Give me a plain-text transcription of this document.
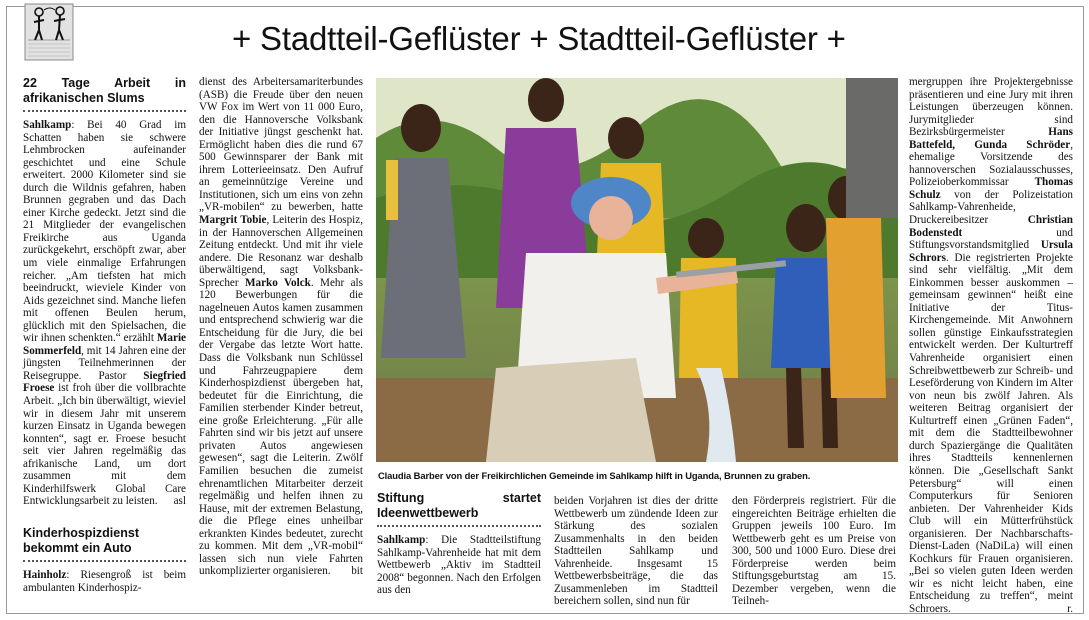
+ Stadtteil-Geflüster + Stadtteil-Geflüster +
22 Tage Arbeit in afrikanischen Slums

Sahlkamp: Bei 40 Grad im Schatten haben sie schwere Lehmbrocken aufeinander geschichtet und eine Schule erweitert. 2000 Kilometer sind sie durch die Wildnis gefahren, haben Brunnen gegraben und das Dach einer Kirche gedeckt. Jetzt sind die 21 Mitglieder der evangelischen Freikirche aus Uganda zurückgekehrt, erschöpft zwar, aber um viele einmalige Erfahrungen reicher. „Am tiefsten hat mich beeindruckt, wieviele Kinder von Aids gezeichnet sind. Manche liefen mit offenen Beulen herum, glücklich mit den Spielsachen, die wir ihnen schenkten.“ erzählt Marie Sommerfeld, mit 14 Jahren eine der jüngsten Teilnehmerinnen der Reisegruppe. Pastor Siegfried Froese ist froh über die vollbrachte Arbeit. „Ich bin überwältigt, wieviel wir in diesem Jahr mit unserem kurzen Einsatz in Uganda bewegen konnten“, sagt er. Froese besucht seit vier Jahren regelmäßig das afrikanische Land, um dort zusammen mit dem Kinderhilfswerk Global Care Entwicklungsarbeit zu leisten.	asl

Kinderhospizdienst bekommt ein Auto

Hainholz: Riesengroß ist beim ambulanten Kinderhospiz-

dienst des Arbeitersamariterbundes (ASB) die Freude über den neuen VW Fox im Wert von 11 000 Euro, den die Hannoversche Volksbank der Initiative jüngst geschenkt hat. Ermöglicht haben dies die rund 67 500 Gewinnsparer der Bank mit ihrem Lotterieeinsatz. Den Aufruf an gemeinnützige Vereine und Institutionen, sich um eins von zehn „VR-mobilen“ zu bewerben, hatte Margrit Tobie, Leiterin des Hospiz, in der Hannoverschen Allgemeinen Zeitung entdeckt. Und mit ihr viele andere. Die Resonanz war deshalb überwältigend, sagt Volksbank-Sprecher Marko Volck. Mehr als 120 Bewerbungen für die nagelneuen Autos kamen zusammen und entsprechend schwierig war die Entscheidung für die Jury, die bei der Vergabe das letzte Wort hatte. Dass die Volksbank nun Schlüssel und Fahrzeugpapiere dem Kinderhospizdienst übergeben hat, bedeutet für die Einrichtung, die Familien sterbender Kinder betreut, eine große Erleichterung. „Für alle Fahrten sind wir bis jetzt auf unsere privaten Autos angewiesen gewesen“, sagt die Leiterin. Zwölf Familien besuchen die zumeist ehrenamtlichen Mitarbeiter derzeit regelmäßig und helfen ihnen zu Hause, mit der extremen Belastung, die die Pflege eines unheilbar erkrankten Kindes bedeutet, zurecht zu kommen. Mit dem „VR-mobil“ lassen sich nun viele Fahrten unkomplizierter organisieren.	bit

Claudia Barber von der Freikirchlichen Gemeinde im Sahlkamp hilft in Uganda, Brunnen zu graben.
Stiftung startet Ideenwettbewerb

Sahlkamp: Die Stadtteilstiftung Sahlkamp-Vahrenheide hat mit dem Wettbewerb „Aktiv im Stadtteil 2008“ begonnen. Nach den Erfolgen aus den

beiden Vorjahren ist dies der dritte Wettbewerb um zündende Ideen zur Stärkung des sozialen Zusammenhalts in den beiden Stadtteilen Sahlkamp und Vahrenheide. Insgesamt 15 Wettbewerbsbeiträge, die das Zusammenleben im Stadtteil bereichern sollen, sind nun für

den Förderpreis registriert. Für die eingereichten Beiträge erhielten die Gruppen jeweils 100 Euro. Im Wettbewerb geht es um Preise von 300, 500 und 1000 Euro. Diese drei Förderpreise werden beim Stiftungsgeburtstag am 15. Dezember vergeben, wenn die Teilneh-

mergruppen ihre Projektergebnisse präsentieren und eine Jury mit ihren Leistungen überzeugen können. Jurymitglieder sind Bezirksbürgermeister	Hans Battefeld, Gunda Schröder, ehemalige Vorsitzende des hannoverschen Sozialausschusses, Polizeioberkommissar Thomas Schulz von der Polizeistation Sahlkamp-Vahrenheide, Druckereibesitzer	Christian Bodenstedt und Stiftungsvorstandsmitglied Ursula Schrors. Die registrierten Projekte sind sehr vielfältig. „Mit dem Einkommen besser auskommen – gemeinsam gewinnen“ heißt eine Initiative der Titus-Kirchengemeinde. Mit Anwohnern sollen günstige Einkaufsstrategien entwickelt werden. Der Kulturtreff Vahrenheide organisiert einen Schreibwettbewerb zur Schreib- und Leseförderung von Kindern im Alter von neun bis zwölf Jahren. Als weiteren Beitrag organisiert der Kulturtreff einen „Grünen Faden“, mit dem die Stadtteilbewohner durch Spaziergänge die Qualitäten ihres Stadtteils kennenlernen können. Die „Gesellschaft Sankt Petersburg“ will einen Computerkurs für Senioren anbieten. Der Vahrenheider Kids Club will ein Mütterfrühstück organisieren. Der Nachbarschafts-Dienst-Laden (NaDiLa) will einen Kochkurs für Frauen organisieren. „Bei so vielen guten Ideen werden wir es nicht leicht haben, eine Entscheidung zu treffen“, meint Schroers.	r.
